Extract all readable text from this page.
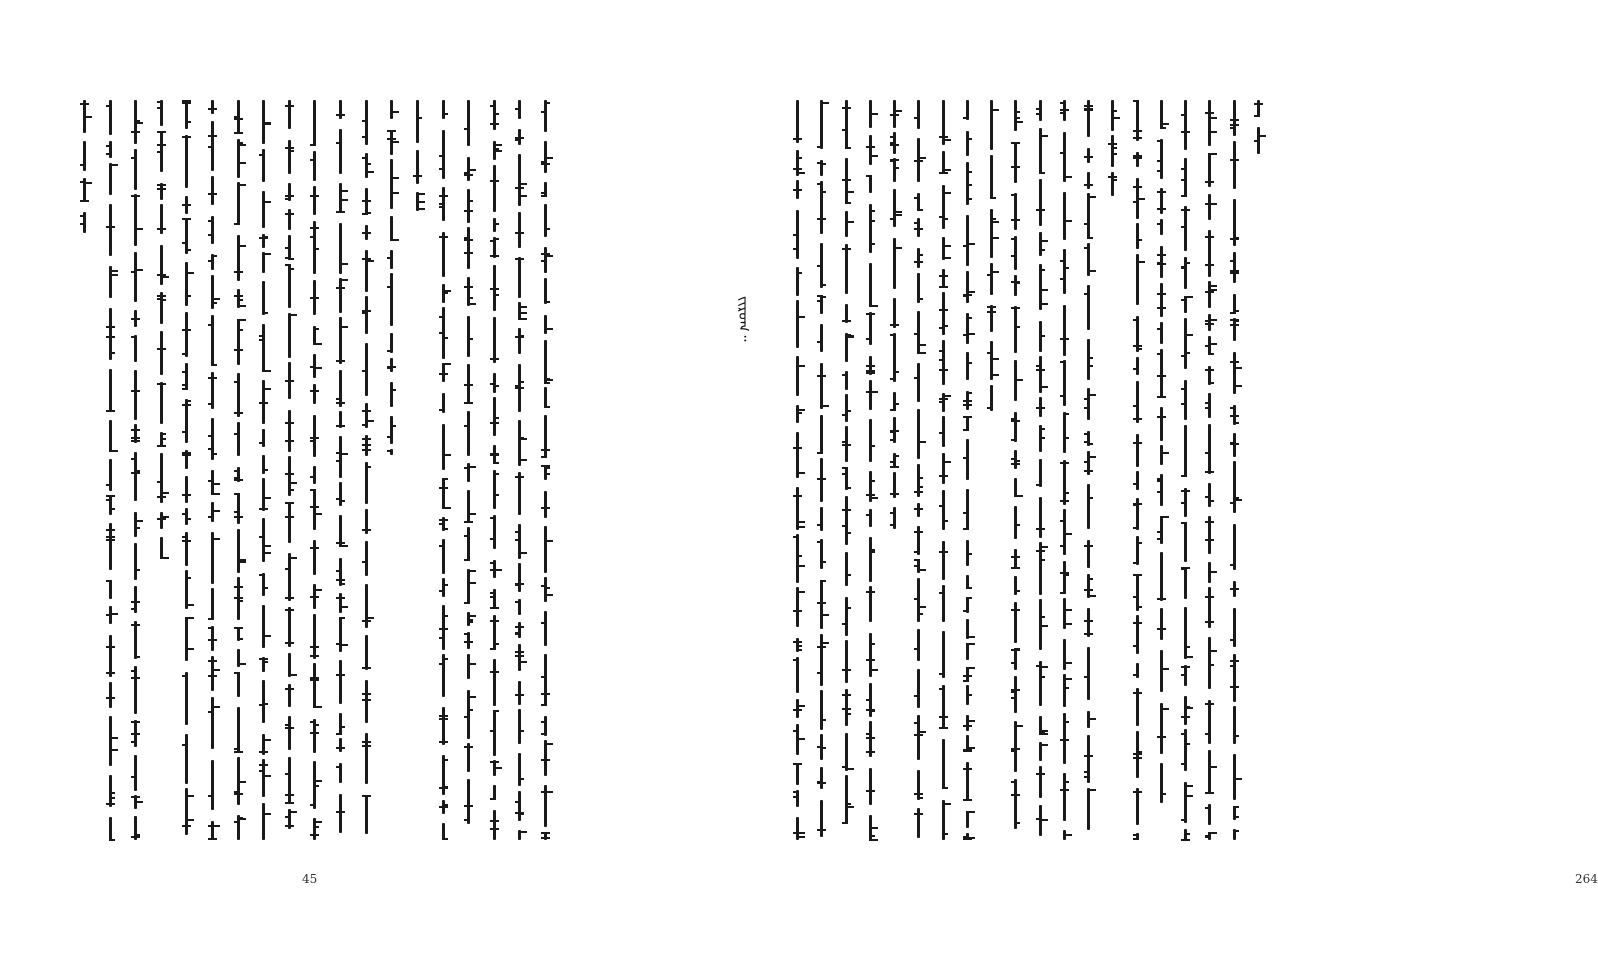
45	264
ᠵᠢᠷᠤᠭ᠃
